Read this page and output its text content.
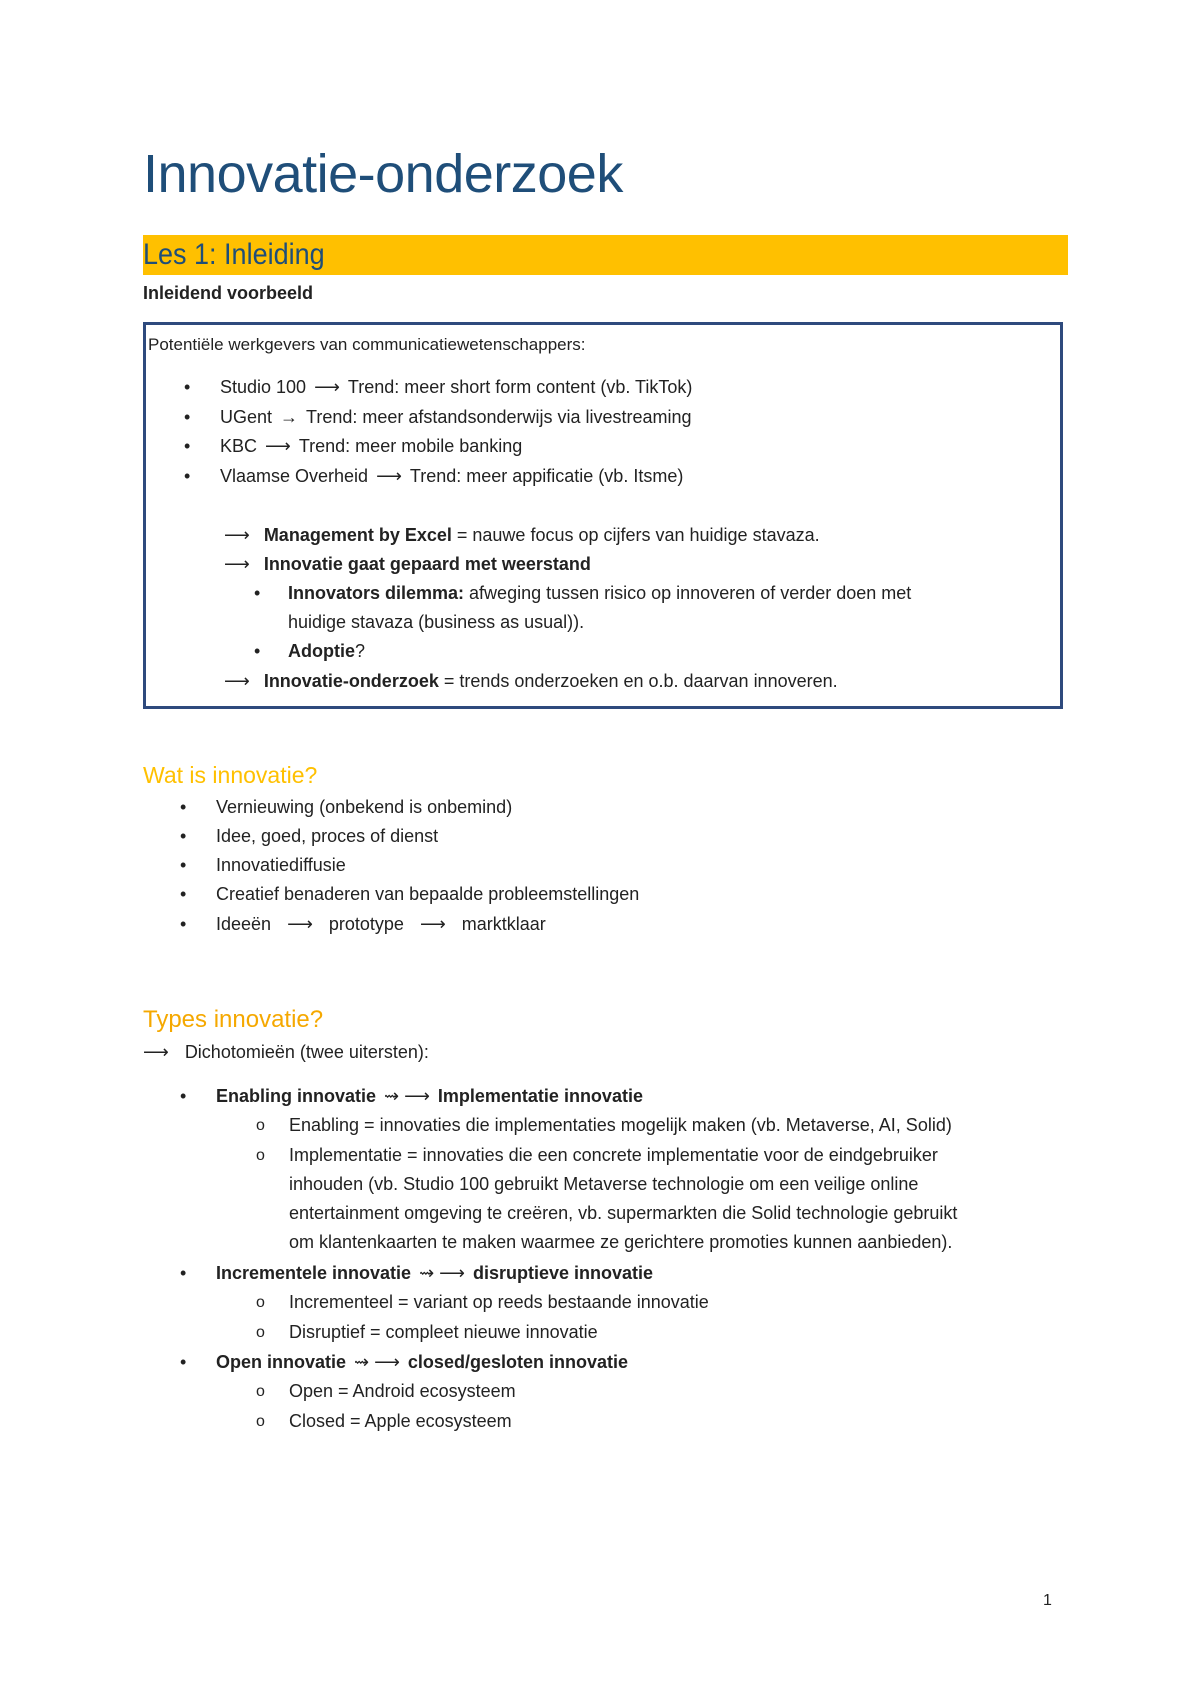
Innovatie-onderzoek
Les 1: Inleiding
Inleidend voorbeeld
Potentiële werkgevers van communicatiewetenschappers:
• Studio 100 ⟶ Trend: meer short form content (vb. TikTok)
• UGent → Trend: meer afstandsonderwijs via livestreaming
• KBC ⟶ Trend: meer mobile banking
• Vlaamse Overheid ⟶ Trend: meer appificatie (vb. Itsme)
⟶ Management by Excel = nauwe focus op cijfers van huidige stavaza.
⟶ Innovatie gaat gepaard met weerstand
• Innovators dilemma: afweging tussen risico op innoveren of verder doen met
huidige stavaza (business as usual)).
• Adoptie?
⟶ Innovatie-onderzoek = trends onderzoeken en o.b. daarvan innoveren.
Wat is innovatie?
• Vernieuwing (onbekend is onbemind)
• Idee, goed, proces of dienst
• Innovatiediffusie
• Creatief benaderen van bepaalde probleemstellingen
• Ideeën ⟶ prototype ⟶ marktklaar
Types innovatie?
⟶ Dichotomieën (twee uitersten):
• Enabling innovatie ⇝ ⟶ Implementatie innovatie
o Enabling = innovaties die implementaties mogelijk maken (vb. Metaverse, AI, Solid)
o Implementatie = innovaties die een concrete implementatie voor de eindgebruiker
inhouden (vb. Studio 100 gebruikt Metaverse technologie om een veilige online
entertainment omgeving te creëren, vb. supermarkten die Solid technologie gebruikt
om klantenkaarten te maken waarmee ze gerichtere promoties kunnen aanbieden).
• Incrementele innovatie ⇝ ⟶ disruptieve innovatie
o Incrementeel = variant op reeds bestaande innovatie
o Disruptief = compleet nieuwe innovatie
• Open innovatie ⇝ ⟶ closed/gesloten innovatie
o Open = Android ecosysteem
o Closed = Apple ecosysteem
1
